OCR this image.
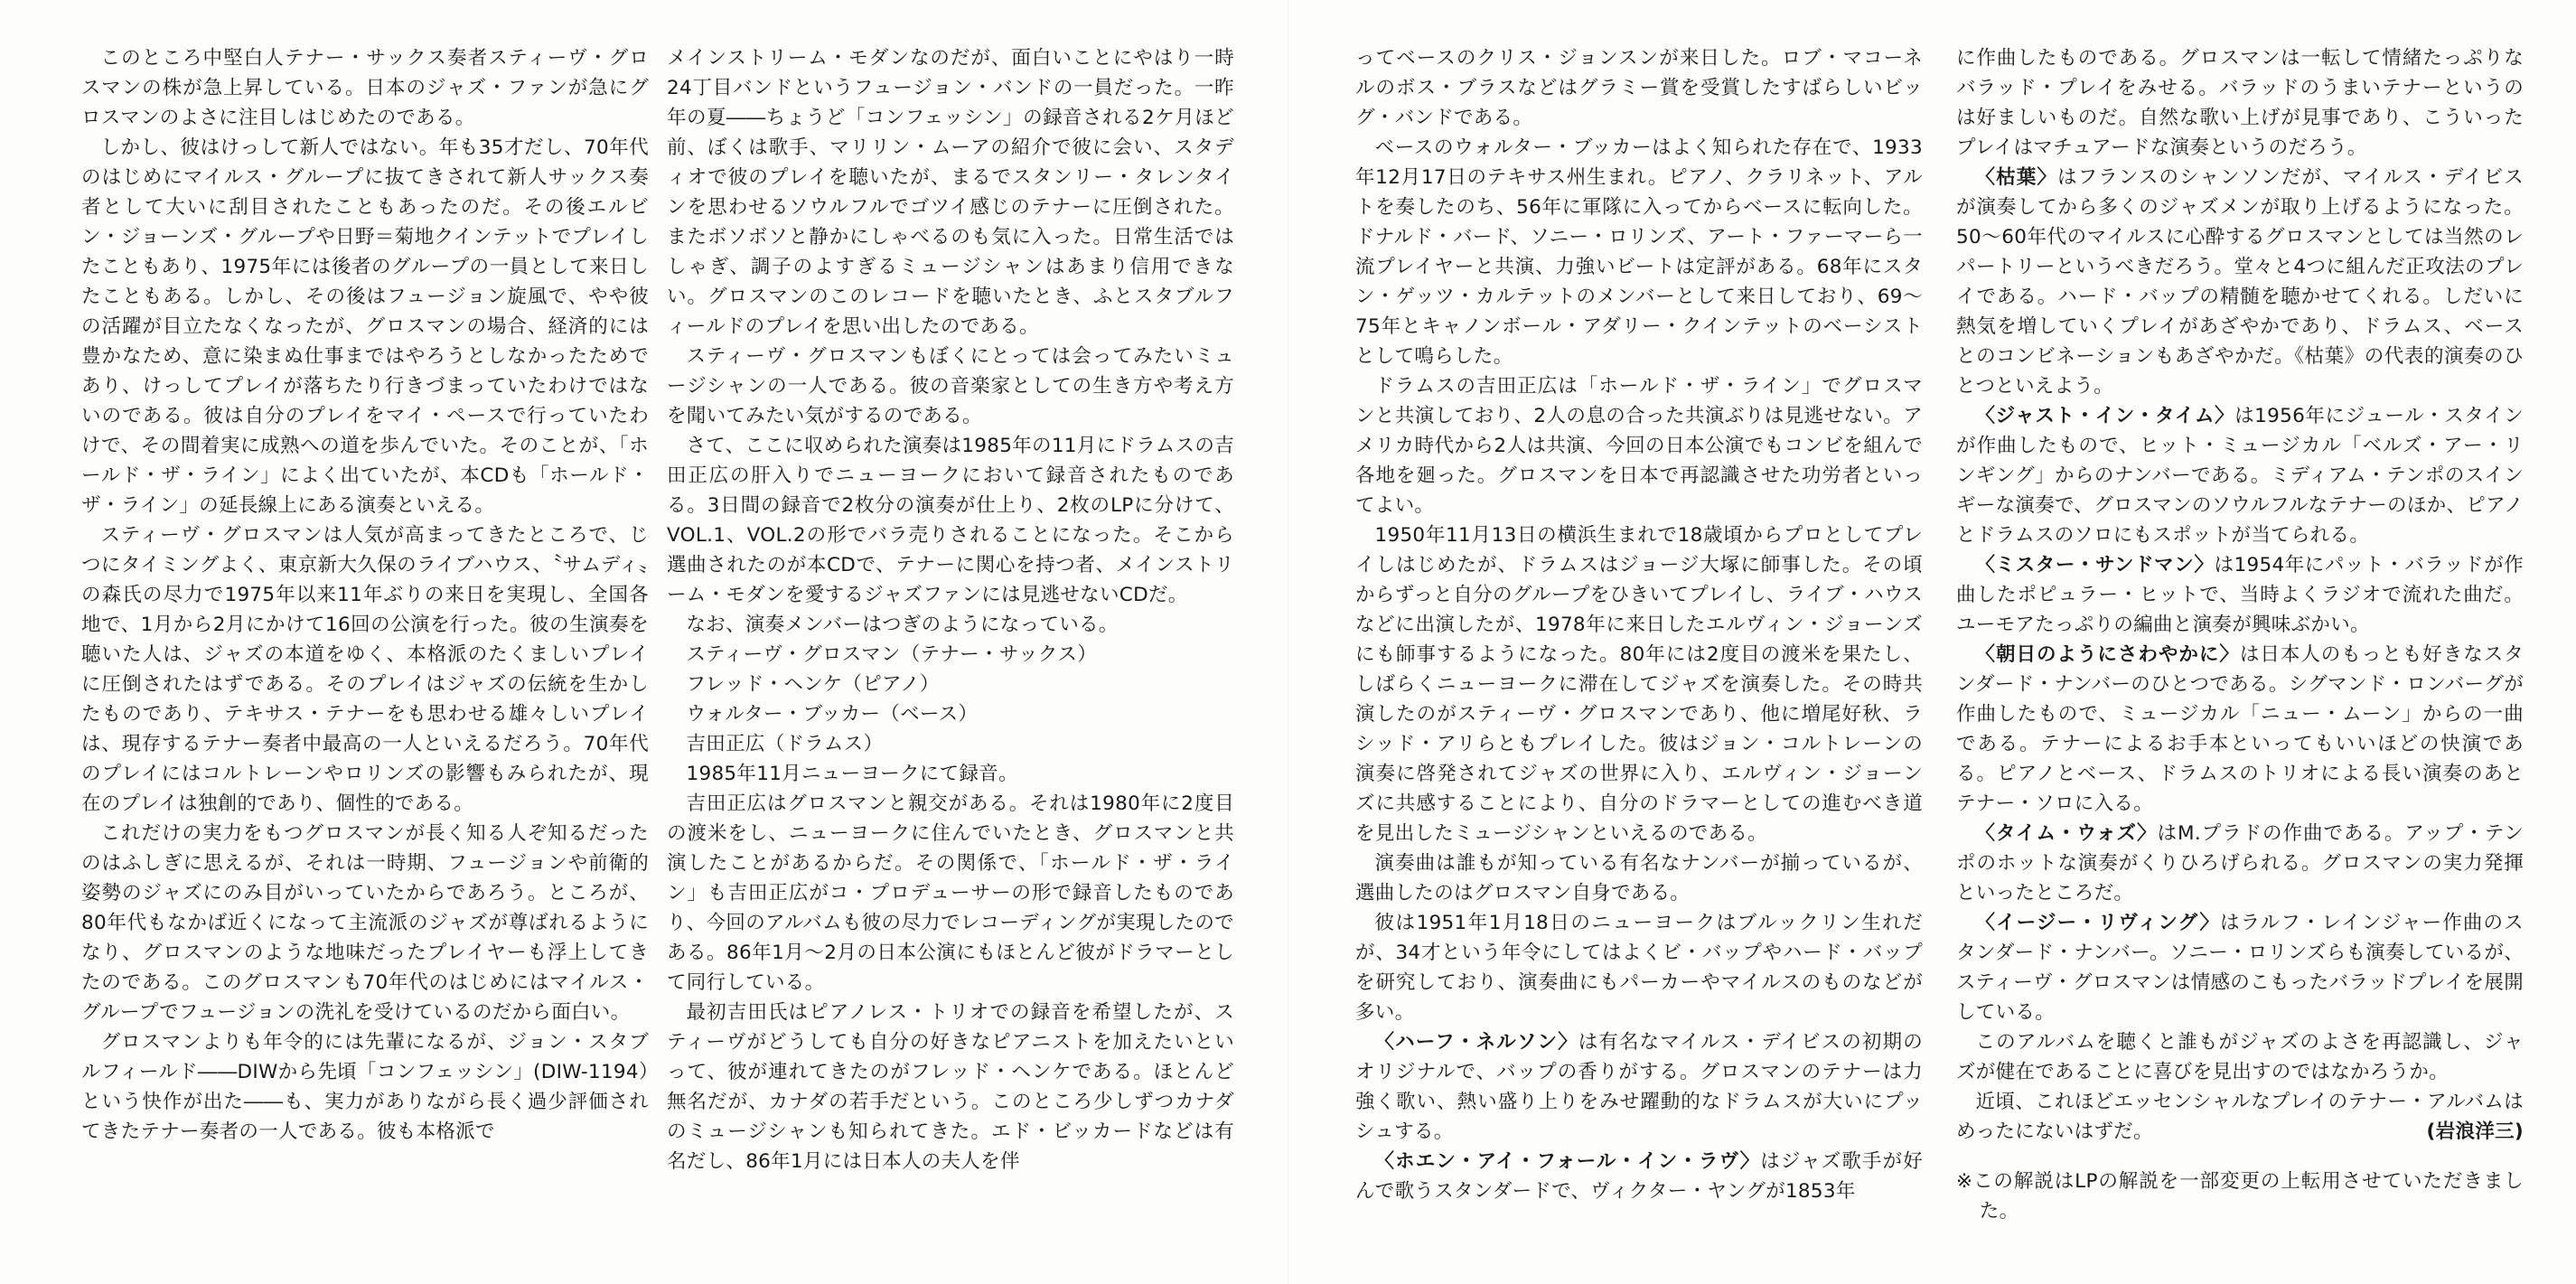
このところ中堅白人テナー・サックス奏者スティーヴ・グロスマンの株が急上昇している。日本のジャズ・ファンが急にグロスマンのよさに注目しはじめたのである。

しかし、彼はけっして新人ではない。年も35才だし、70年代のはじめにマイルス・グループに抜てきされて新人サックス奏者として大いに刮目されたこともあったのだ。その後エルビン・ジョーンズ・グループや日野＝菊地クインテットでプレイしたこともあり、1975年には後者のグループの一員として来日したこともある。しかし、その後はフュージョン旋風で、やや彼の活躍が目立たなくなったが、グロスマンの場合、経済的には豊かなため、意に染まぬ仕事まではやろうとしなかったためであり、けっしてプレイが落ちたり行きづまっていたわけではないのである。彼は自分のプレイをマイ・ペースで行っていたわけで、その間着実に成熟への道を歩んでいた。そのことが、「ホールド・ザ・ライン」によく出ていたが、本CDも「ホールド・ザ・ライン」の延長線上にある演奏といえる。

スティーヴ・グロスマンは人気が高まってきたところで、じつにタイミングよく、東京新大久保のライブハウス、〝サムディ〟の森氏の尽力で1975年以来11年ぶりの来日を実現し、全国各地で、1月から2月にかけて16回の公演を行った。彼の生演奏を聴いた人は、ジャズの本道をゆく、本格派のたくましいプレイに圧倒されたはずである。そのプレイはジャズの伝統を生かしたものであり、テキサス・テナーをも思わせる雄々しいプレイは、現存するテナー奏者中最高の一人といえるだろう。70年代のプレイにはコルトレーンやロリンズの影響もみられたが、現在のプレイは独創的であり、個性的である。

これだけの実力をもつグロスマンが長く知る人ぞ知るだったのはふしぎに思えるが、それは一時期、フュージョンや前衛的姿勢のジャズにのみ目がいっていたからであろう。ところが、80年代もなかば近くになって主流派のジャズが尊ばれるようになり、グロスマンのような地味だったプレイヤーも浮上してきたのである。このグロスマンも70年代のはじめにはマイルス・グループでフュージョンの洗礼を受けているのだから面白い。

グロスマンよりも年令的には先輩になるが、ジョン・スタブルフィールド――DIWから先頃「コンフェッシン」(DIW-1194）という快作が出た――も、実力がありながら長く過少評価されてきたテナー奏者の一人である。彼も本格派で

メインストリーム・モダンなのだが、面白いことにやはり一時24丁目バンドというフュージョン・バンドの一員だった。一昨年の夏――ちょうど「コンフェッシン」の録音される2ケ月ほど前、ぼくは歌手、マリリン・ムーアの紹介で彼に会い、スタディオで彼のプレイを聴いたが、まるでスタンリー・タレンタインを思わせるソウルフルでゴツイ感じのテナーに圧倒された。またボソボソと静かにしゃべるのも気に入った。日常生活ではしゃぎ、調子のよすぎるミュージシャンはあまり信用できない。グロスマンのこのレコードを聴いたとき、ふとスタブルフィールドのプレイを思い出したのである。

スティーヴ・グロスマンもぼくにとっては会ってみたいミュージシャンの一人である。彼の音楽家としての生き方や考え方を聞いてみたい気がするのである。

さて、ここに収められた演奏は1985年の11月にドラムスの吉田正広の肝入りでニューヨークにおいて録音されたものである。3日間の録音で2枚分の演奏が仕上り、2枚のLPに分けて、VOL.1、VOL.2の形でバラ売りされることになった。そこから選曲されたのが本CDで、テナーに関心を持つ者、メインストリーム・モダンを愛するジャズファンには見逃せないCDだ。

なお、演奏メンバーはつぎのようになっている。

スティーヴ・グロスマン（テナー・サックス）

フレッド・ヘンケ（ピアノ）

ウォルター・ブッカー（ベース）

吉田正広（ドラムス）

1985年11月ニューヨークにて録音。

吉田正広はグロスマンと親交がある。それは1980年に2度目の渡米をし、ニューヨークに住んでいたとき、グロスマンと共演したことがあるからだ。その関係で、「ホールド・ザ・ライン」も吉田正広がコ・プロデューサーの形で録音したものであり、今回のアルバムも彼の尽力でレコーディングが実現したのである。86年1月～2月の日本公演にもほとんど彼がドラマーとして同行している。

最初吉田氏はピアノレス・トリオでの録音を希望したが、スティーヴがどうしても自分の好きなピアニストを加えたいといって、彼が連れてきたのがフレッド・ヘンケである。ほとんど無名だが、カナダの若手だという。このところ少しずつカナダのミュージシャンも知られてきた。エド・ビッカードなどは有名だし、86年1月には日本人の夫人を伴

ってベースのクリス・ジョンスンが来日した。ロブ・マコーネルのボス・ブラスなどはグラミー賞を受賞したすばらしいビッグ・バンドである。

ベースのウォルター・ブッカーはよく知られた存在で、1933年12月17日のテキサス州生まれ。ピアノ、クラリネット、アルトを奏したのち、56年に軍隊に入ってからベースに転向した。ドナルド・バード、ソニー・ロリンズ、アート・ファーマーら一流プレイヤーと共演、力強いビートは定評がある。68年にスタン・ゲッツ・カルテットのメンバーとして来日しており、69～75年とキャノンボール・アダリー・クインテットのベーシストとして鳴らした。

ドラムスの吉田正広は「ホールド・ザ・ライン」でグロスマンと共演しており、2人の息の合った共演ぶりは見逃せない。アメリカ時代から2人は共演、今回の日本公演でもコンビを組んで各地を廻った。グロスマンを日本で再認識させた功労者といってよい。

1950年11月13日の横浜生まれで18歳頃からプロとしてプレイしはじめたが、ドラムスはジョージ大塚に師事した。その頃からずっと自分のグループをひきいてプレイし、ライブ・ハウスなどに出演したが、1978年に来日したエルヴィン・ジョーンズにも師事するようになった。80年には2度目の渡米を果たし、しばらくニューヨークに滞在してジャズを演奏した。その時共演したのがスティーヴ・グロスマンであり、他に増尾好秋、ラシッド・アリらともプレイした。彼はジョン・コルトレーンの演奏に啓発されてジャズの世界に入り、エルヴィン・ジョーンズに共感することにより、自分のドラマーとしての進むべき道を見出したミュージシャンといえるのである。

演奏曲は誰もが知っている有名なナンバーが揃っているが、選曲したのはグロスマン自身である。

彼は1951年1月18日のニューヨークはブルックリン生れだが、34才という年令にしてはよくビ・バップやハード・バップを研究しており、演奏曲にもパーカーやマイルスのものなどが多い。

〈ハーフ・ネルソン〉は有名なマイルス・デイビスの初期のオリジナルで、バップの香りがする。グロスマンのテナーは力強く歌い、熱い盛り上りをみせ躍動的なドラムスが大いにプッシュする。

〈ホエン・アイ・フォール・イン・ラヴ〉はジャズ歌手が好んで歌うスタンダードで、ヴィクター・ヤングが1853年

に作曲したものである。グロスマンは一転して情緒たっぷりなバラッド・プレイをみせる。バラッドのうまいテナーというのは好ましいものだ。自然な歌い上げが見事であり、こういったプレイはマチュアードな演奏というのだろう。

〈枯葉〉はフランスのシャンソンだが、マイルス・デイビスが演奏してから多くのジャズメンが取り上げるようになった。50～60年代のマイルスに心酔するグロスマンとしては当然のレパートリーというべきだろう。堂々と4つに組んだ正攻法のプレイである。ハード・バップの精髄を聴かせてくれる。しだいに熱気を増していくプレイがあざやかであり、ドラムス、ベースとのコンビネーションもあざやかだ。《枯葉》の代表的演奏のひとつといえよう。

〈ジャスト・イン・タイム〉は1956年にジュール・スタインが作曲したもので、ヒット・ミュージカル「ベルズ・アー・リンギング」からのナンバーである。ミディアム・テンポのスインギーな演奏で、グロスマンのソウルフルなテナーのほか、ピアノとドラムスのソロにもスポットが当てられる。

〈ミスター・サンドマン〉は1954年にパット・バラッドが作曲したポピュラー・ヒットで、当時よくラジオで流れた曲だ。ユーモアたっぷりの編曲と演奏が興味ぶかい。

〈朝日のようにさわやかに〉は日本人のもっとも好きなスタンダード・ナンバーのひとつである。シグマンド・ロンバーグが作曲したもので、ミュージカル「ニュー・ムーン」からの一曲である。テナーによるお手本といってもいいほどの快演である。ピアノとベース、ドラムスのトリオによる長い演奏のあとテナー・ソロに入る。

〈タイム・ウォズ〉はM.プラドの作曲である。アップ・テンポのホットな演奏がくりひろげられる。グロスマンの実力発揮といったところだ。

〈イージー・リヴィング〉はラルフ・レインジャー作曲のスタンダード・ナンバー。ソニー・ロリンズらも演奏しているが、スティーヴ・グロスマンは情感のこもったバラッドプレイを展開している。

このアルバムを聴くと誰もがジャズのよさを再認識し、ジャズが健在であることに喜びを見出すのではなかろうか。

近頃、これほどエッセンシャルなプレイのテナー・アルバムはめったにないはずだ。	(岩浪洋三)

※この解説はLPの解説を一部変更の上転用させていただきました。
